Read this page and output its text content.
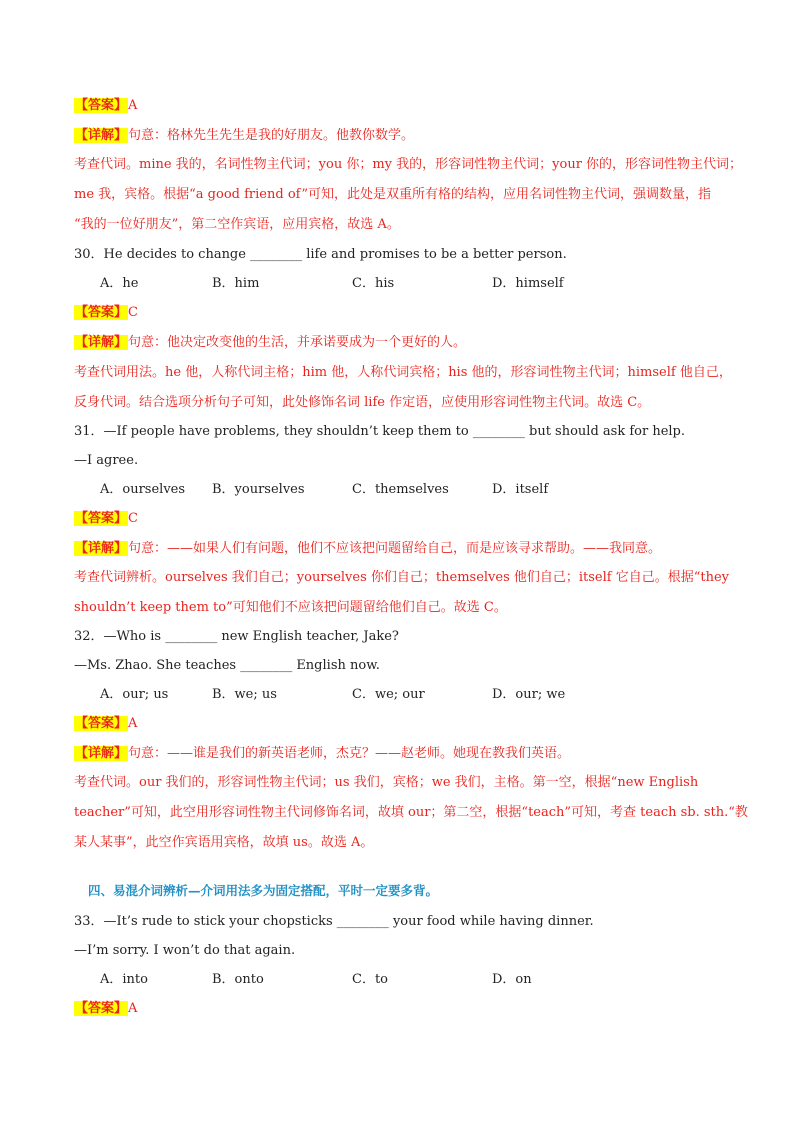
【答案】A
【详解】句意：格林先生先生是我的好朋友。他教你数学。
考查代词。mine 我的，名词性物主代词；you 你；my 我的，形容词性物主代词；your 你的，形容词性物主代词；
me 我，宾格。根据“a good friend of”可知，此处是双重所有格的结构，应用名词性物主代词，强调数量，指
“我的一位好朋友”，第二空作宾语，应用宾格，故选 A。
30．He decides to change ________ life and promises to be a better person.
A．he	B．him	C．his	D．himself
【答案】C
【详解】句意：他决定改变他的生活，并承诺要成为一个更好的人。
考查代词用法。he 他，人称代词主格；him 他，人称代词宾格；his 他的，形容词性物主代词；himself 他自己，
反身代词。结合选项分析句子可知，此处修饰名词 life 作定语，应使用形容词性物主代词。故选 C。
31．—If people have problems, they shouldn’t keep them to ________ but should ask for help.
—I agree.
A．ourselves B．yourselves	C．themselves	D．itself
【答案】C
【详解】句意：——如果人们有问题，他们不应该把问题留给自己，而是应该寻求帮助。——我同意。
考查代词辨析。ourselves 我们自己；yourselves 你们自己；themselves 他们自己；itself 它自己。根据“they
shouldn’t keep them to”可知他们不应该把问题留给他们自己。故选 C。
32．—Who is ________ new English teacher, Jake?
—Ms. Zhao. She teaches ________ English now.
A．our; us	B．we; us	C．we; our	D．our; we
【答案】A
【详解】句意：——谁是我们的新英语老师，杰克？——赵老师。她现在教我们英语。
考查代词。our 我们的，形容词性物主代词；us 我们，宾格；we 我们，主格。第一空，根据“new English
teacher”可知，此空用形容词性物主代词修饰名词，故填 our；第二空，根据“teach”可知，考查 teach sb. sth.“教
某人某事”，此空作宾语用宾格，故填 us。故选 A。
四、易混介词辨析—介词用法多为固定搭配，平时一定要多背。
33．—It’s rude to stick your chopsticks ________ your food while having dinner.
—I’m sorry. I won’t do that again.
A．into	B．onto	C．to	D．on
【答案】A
